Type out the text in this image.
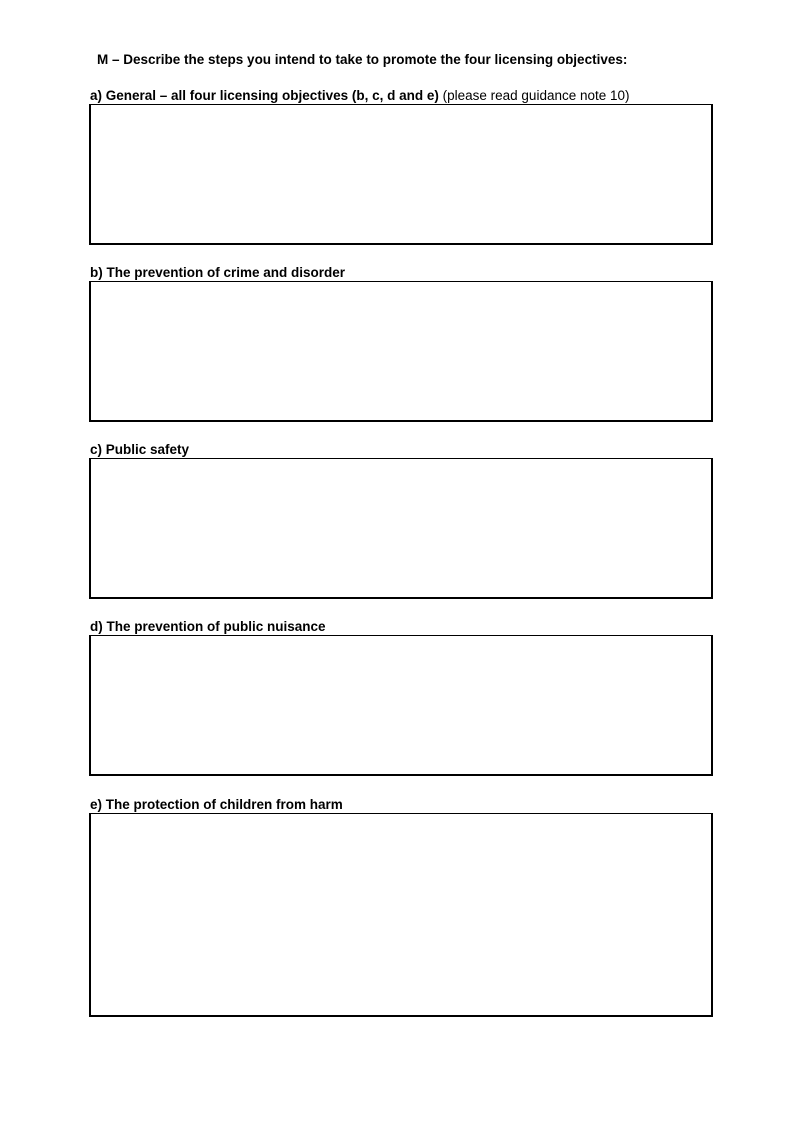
M – Describe the steps you intend to take to promote the four licensing objectives:
a) General – all four licensing objectives (b, c, d and e) (please read guidance note 10)
b) The prevention of crime and disorder
c) Public safety
d) The prevention of public nuisance
e) The protection of children from harm
